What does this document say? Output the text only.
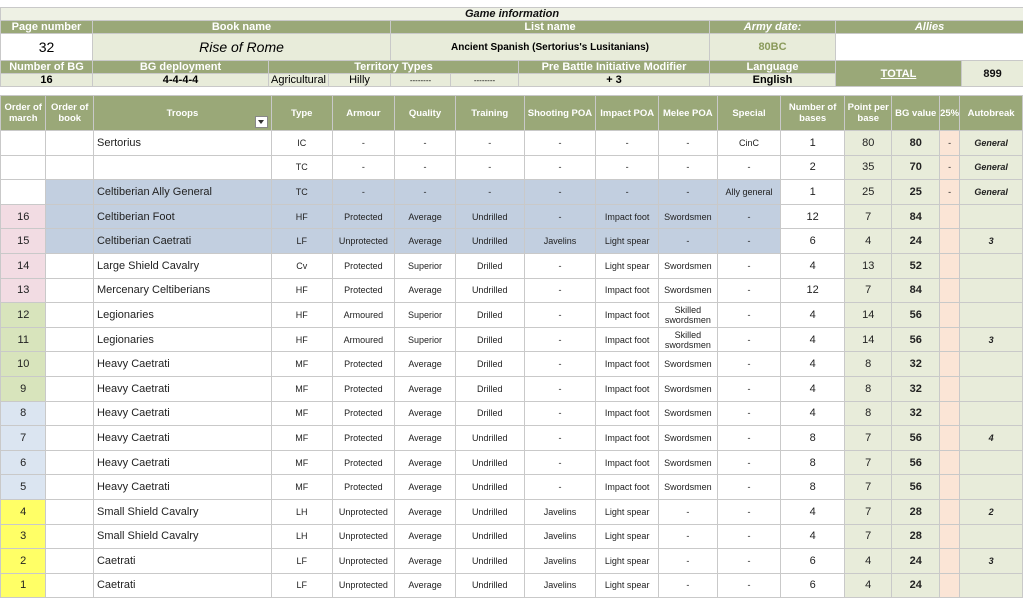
Game information									
Page number	Book name			List name			Army date:	Allies	
32	Rise of Rome			Ancient Spanish (Sertorius's Lusitanians)			80BC		
Number of BG	BG deployment	Territory Types				Pre Battle Initiative Modifier	Language	TOTAL	899
16	4-4-4-4	Agricultural	Hilly	--------	--------	+ 3	English		
Order of march	Order of book	Troops	Type	Armour	Quality	Training	Shooting POA	Impact POA	Melee POA	Special	Number of bases	Point per base	BG value	25%	Autobreak
		Sertorius	IC	-	-	-	-	-	-	CinC	1	80	80	-	General
			TC	-	-	-	-	-	-	-	2	35	70	-	General
		Celtiberian Ally General	TC	-	-	-	-	-	-	Ally general	1	25	25	-	General
16		Celtiberian Foot	HF	Protected	Average	Undrilled	-	Impact foot	Swordsmen	-	12	7	84		
15		Celtiberian Caetrati	LF	Unprotected	Average	Undrilled	Javelins	Light spear	-	-	6	4	24		3
14		Large Shield Cavalry	Cv	Protected	Superior	Drilled	-	Light spear	Swordsmen	-	4	13	52		
13		Mercenary Celtiberians	HF	Protected	Average	Undrilled	-	Impact foot	Swordsmen	-	12	7	84		
12		Legionaries	HF	Armoured	Superior	Drilled	-	Impact foot	Skilled swordsmen	-	4	14	56		
11		Legionaries	HF	Armoured	Superior	Drilled	-	Impact foot	Skilled swordsmen	-	4	14	56		3
10		Heavy Caetrati	MF	Protected	Average	Drilled	-	Impact foot	Swordsmen	-	4	8	32		
9		Heavy Caetrati	MF	Protected	Average	Drilled	-	Impact foot	Swordsmen	-	4	8	32		
8		Heavy Caetrati	MF	Protected	Average	Drilled	-	Impact foot	Swordsmen	-	4	8	32		
7		Heavy Caetrati	MF	Protected	Average	Undrilled	-	Impact foot	Swordsmen	-	8	7	56		4
6		Heavy Caetrati	MF	Protected	Average	Undrilled	-	Impact foot	Swordsmen	-	8	7	56		
5		Heavy Caetrati	MF	Protected	Average	Undrilled	-	Impact foot	Swordsmen	-	8	7	56		
4		Small Shield Cavalry	LH	Unprotected	Average	Undrilled	Javelins	Light spear	-	-	4	7	28		2
3		Small Shield Cavalry	LH	Unprotected	Average	Undrilled	Javelins	Light spear	-	-	4	7	28		
2		Caetrati	LF	Unprotected	Average	Undrilled	Javelins	Light spear	-	-	6	4	24		3
1		Caetrati	LF	Unprotected	Average	Undrilled	Javelins	Light spear	-	-	6	4	24		
